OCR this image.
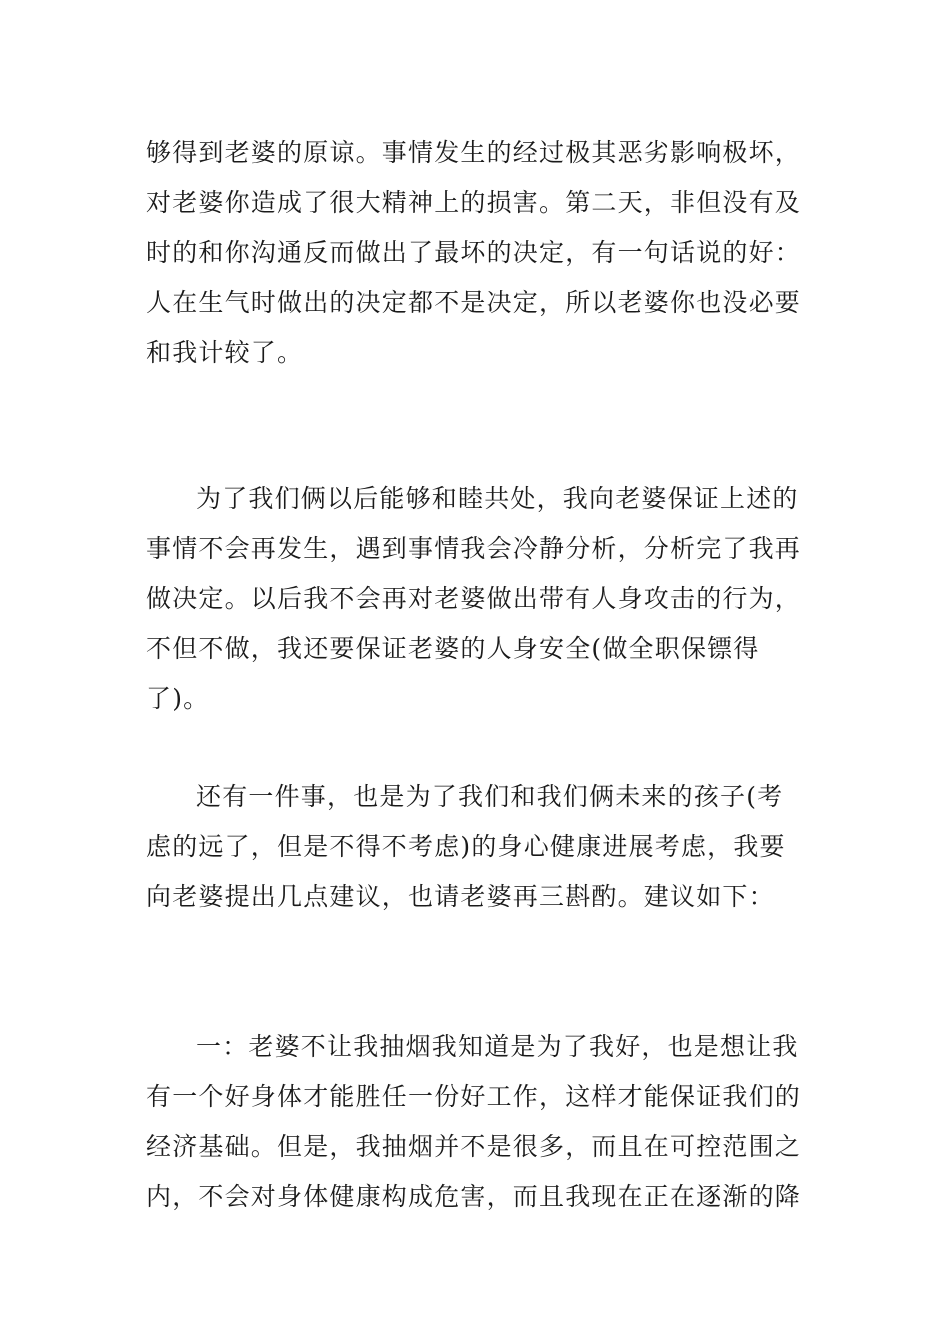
够得到老婆的原谅。事情发生的经过极其恶劣影响极坏，对老婆你造成了很大精神上的损害。第二天，非但没有及时的和你沟通反而做出了最坏的决定，有一句话说的好：人在生气时做出的决定都不是决定，所以老婆你也没必要和我计较了。

为了我们俩以后能够和睦共处，我向老婆保证上述的事情不会再发生，遇到事情我会冷静分析，分析完了我再做决定。以后我不会再对老婆做出带有人身攻击的行为，不但不做，我还要保证老婆的人身安全(做全职保镖得了)。

还有一件事，也是为了我们和我们俩未来的孩子(考虑的远了，但是不得不考虑)的身心健康进展考虑，我要向老婆提出几点建议，也请老婆再三斟酌。建议如下：

一：老婆不让我抽烟我知道是为了我好，也是想让我有一个好身体才能胜任一份好工作，这样才能保证我们的经济基础。但是，我抽烟并不是很多，而且在可控范围之内，不会对身体健康构成危害，而且我现在正在逐渐的降
